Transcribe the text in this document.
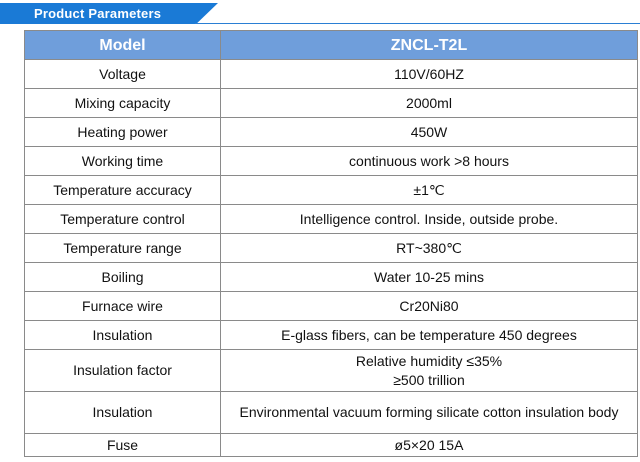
Product Parameters
Model	ZNCL-T2L
Voltage	110V/60HZ
Mixing capacity	2000ml
Heating power	450W
Working time	continuous work >8 hours
Temperature accuracy	±1℃
Temperature control	Intelligence control. Inside, outside probe.
Temperature range	RT~380℃
Boiling	Water 10-25 mins
Furnace wire	Cr20Ni80
Insulation	E-glass fibers, can be temperature 450 degrees
Insulation factor	Relative humidity ≤35%
≥500 trillion
Insulation	Environmental vacuum forming silicate cotton insulation body
Fuse	ø5×20 15A
